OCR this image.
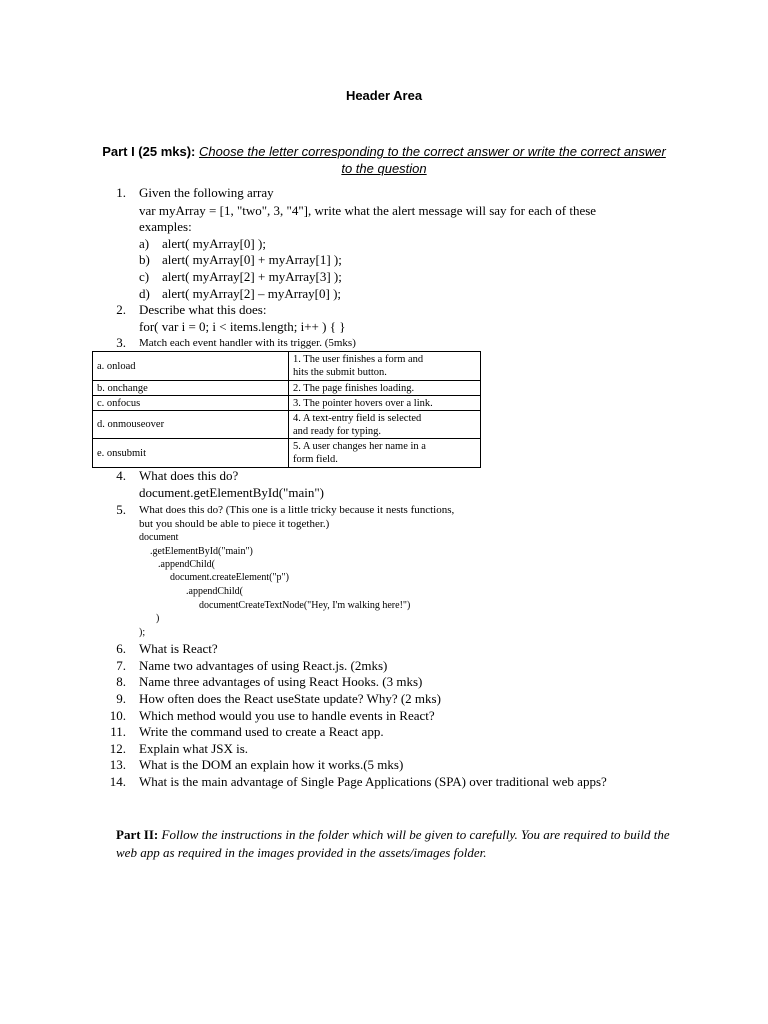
Header Area
Part I (25 mks): Choose the letter corresponding to the correct answer or write the correct answer to the question
1. Given the following array
var myArray = [1, "two", 3, "4"], write what the alert message will say for each of these
examples:
a) alert( myArray[0] );
b) alert( myArray[0] + myArray[1] );
c) alert( myArray[2] + myArray[3] );
d) alert( myArray[2] – myArray[0] );
2. Describe what this does:
for( var i = 0; i < items.length; i++ ) { }
3. Match each event handler with its trigger. (5mks)
a. onload	1. The user finishes a form and
hits the submit button.
b. onchange	2. The page finishes loading.
c. onfocus	3. The pointer hovers over a link.
d. onmouseover	4. A text-entry field is selected
and ready for typing.
e. onsubmit	5. A user changes her name in a
form field.
4. What does this do?
document.getElementById("main")
5. What does this do? (This one is a little tricky because it nests functions,
but you should be able to piece it together.)
document
.getElementById("main")
.appendChild(
document.createElement("p")
.appendChild(
documentCreateTextNode("Hey, I'm walking here!")
)
);
6. What is React?
7. Name two advantages of using React.js. (2mks)
8. Name three advantages of using React Hooks. (3 mks)
9. How often does the React useState update? Why? (2 mks)
10. Which method would you use to handle events in React?
11. Write the command used to create a React app.
12. Explain what JSX is.
13. What is the DOM an explain how it works.(5 mks)
14. What is the main advantage of Single Page Applications (SPA) over traditional web apps?
Part II: Follow the instructions in the folder which will be given to carefully. You are required to build the web app as required in the images provided in the assets/images folder.
